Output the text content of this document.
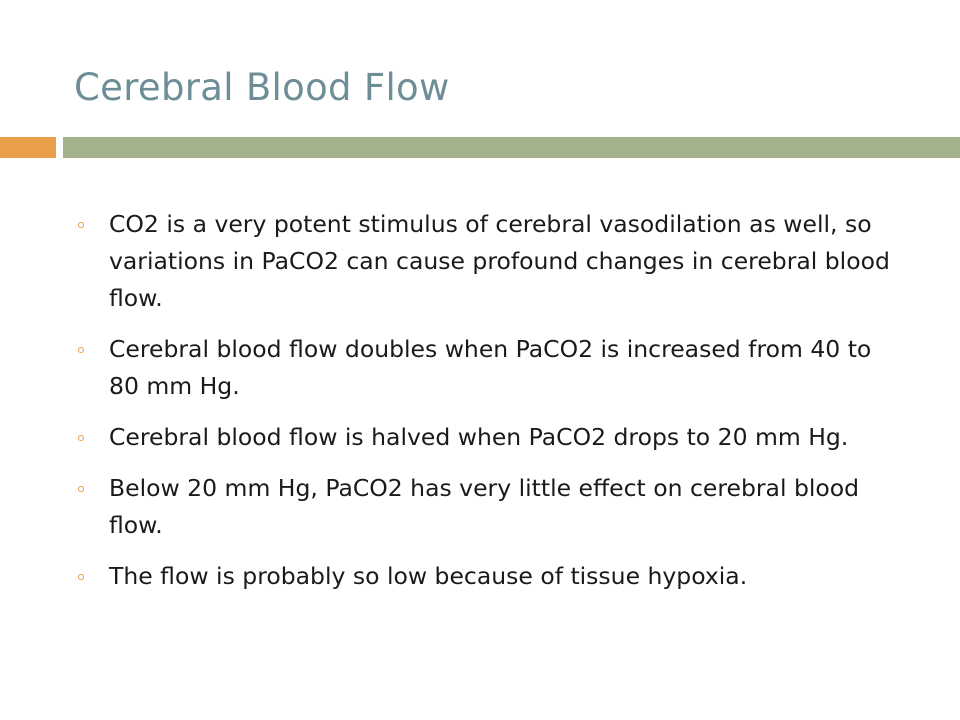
Cerebral Blood Flow
CO2 is a very potent stimulus of cerebral vasodilation as well, so variations in PaCO2 can cause profound changes in cerebral blood flow.
Cerebral blood flow doubles when PaCO2 is increased from 40 to 80 mm Hg.
Cerebral blood flow is halved when PaCO2 drops to 20 mm Hg.
Below 20 mm Hg, PaCO2 has very little effect on cerebral blood flow.
The flow is probably so low because of tissue hypoxia.
